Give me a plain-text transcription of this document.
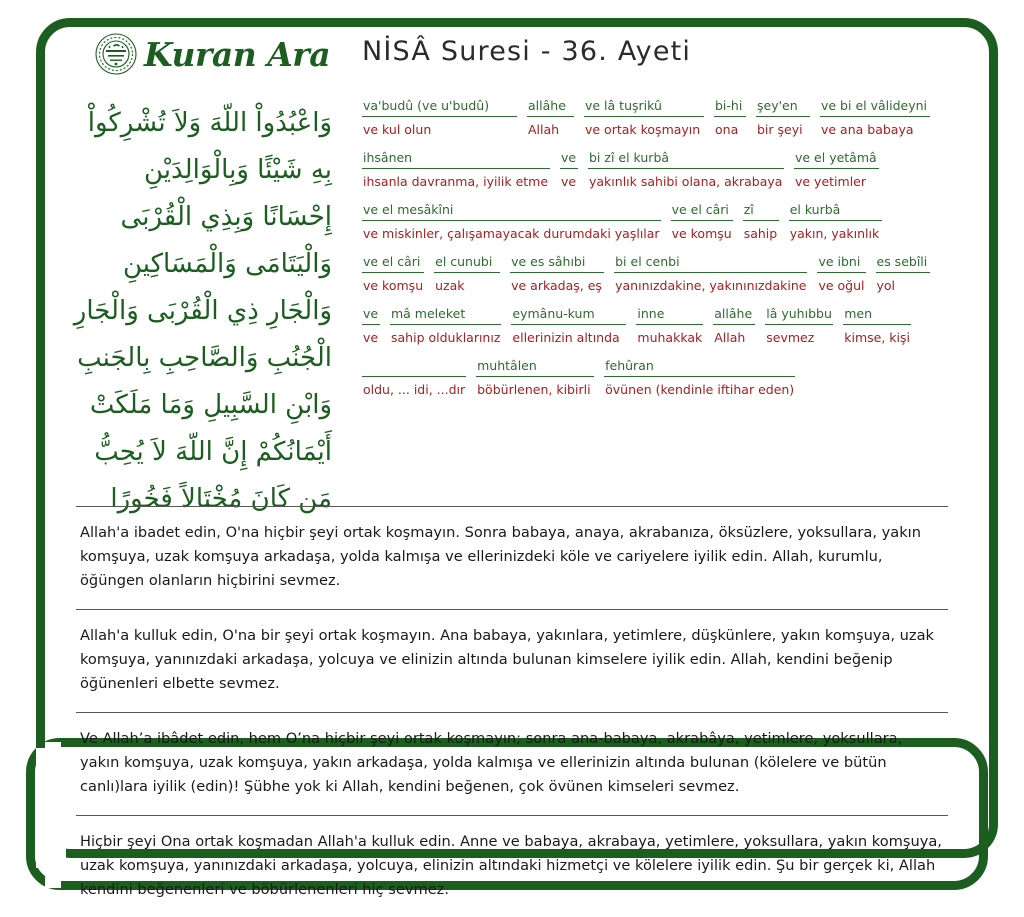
Kuran Ara NİSÂ Suresi - 36. Ayeti
وَاعْبُدُواْ اللّهَ وَلاَ تُشْرِكُواْ
بِهِ شَيْئًا وَبِالْوَالِدَيْنِ
إِحْسَانًا وَبِذِي الْقُرْبَى
وَالْيَتَامَى وَالْمَسَاكِينِ
وَالْجَارِ ذِي الْقُرْبَى وَالْجَارِ
الْجُنُبِ وَالصَّاحِبِ بِالجَنبِ
وَابْنِ السَّبِيلِ وَمَا مَلَكَتْ
أَيْمَانُكُمْ إِنَّ اللّهَ لاَ يُحِبُّ
مَن كَانَ مُخْتَالاً فَخُورًا
va'budû (ve u'budû)
ve kul olun
allâhe
Allah
ve lâ tuşrikû
ve ortak koşmayın
bi-hi
ona
şey'en
bir şeyi
ve bi el vâlideyni
ve ana babaya
ihsânen
ihsanla davranma, iyilik etme
ve
ve
bi zî el kurbâ
yakınlık sahibi olana, akrabaya
ve el yetâmâ
ve yetimler
ve el mesâkîni
ve miskinler, çalışamayacak durumdaki yaşlılar
ve el câri
ve komşu
zî
sahip
el kurbâ
yakın, yakınlık
ve el câri
ve komşu
el cunubi
uzak
ve es sâhıbi
ve arkadaş, eş
bi el cenbi
yanınızdakine, yakınınızdakine
ve ibni
ve oğul
es sebîli
yol
ve
ve
mâ meleket
sahip olduklarınız
eymânu-kum
ellerinizin altında
inne
muhakkak
allâhe
Allah
lâ yuhıbbu
sevmez
men
kimse, kişi

oldu, ... idi, ...dır
muhtâlen
böbürlenen, kibirli
fehûran
övünen (kendinle iftihar eden)
Allah'a ibadet edin, O'na hiçbir şeyi ortak koşmayın. Sonra babaya, anaya, akrabanıza, öksüzlere, yoksullara, yakın komşuya, uzak komşuya arkadaşa, yolda kalmışa ve ellerinizdeki köle ve cariyelere iyilik edin. Allah, kurumlu, öğüngen olanların hiçbirini sevmez.
Allah'a kulluk edin, O'na bir şeyi ortak koşmayın. Ana babaya, yakınlara, yetimlere, düşkünlere, yakın komşuya, uzak komşuya, yanınızdaki arkadaşa, yolcuya ve elinizin altında bulunan kimselere iyilik edin. Allah, kendini beğenip öğünenleri elbette sevmez.
Ve Allah’a ibâdet edin, hem O’na hiçbir şeyi ortak koşmayın; sonra ana-babaya, akrabâya, yetimlere, yoksullara, yakın komşuya, uzak komşuya, yakın arkadaşa, yolda kalmışa ve ellerinizin altında bulunan (kölelere ve bütün canlı)lara iyilik (edin)! Şübhe yok ki Allah, kendini beğenen, çok övünen kimseleri sevmez.
Hiçbir şeyi Ona ortak koşmadan Allah'a kulluk edin. Anne ve babaya, akrabaya, yetimlere, yoksullara, yakın komşuya, uzak komşuya, yanınızdaki arkadaşa, yolcuya, elinizin altındaki hizmetçi ve kölelere iyilik edin. Şu bir gerçek ki, Allah kendini beğenenleri ve böbürlenenleri hiç sevmez.
